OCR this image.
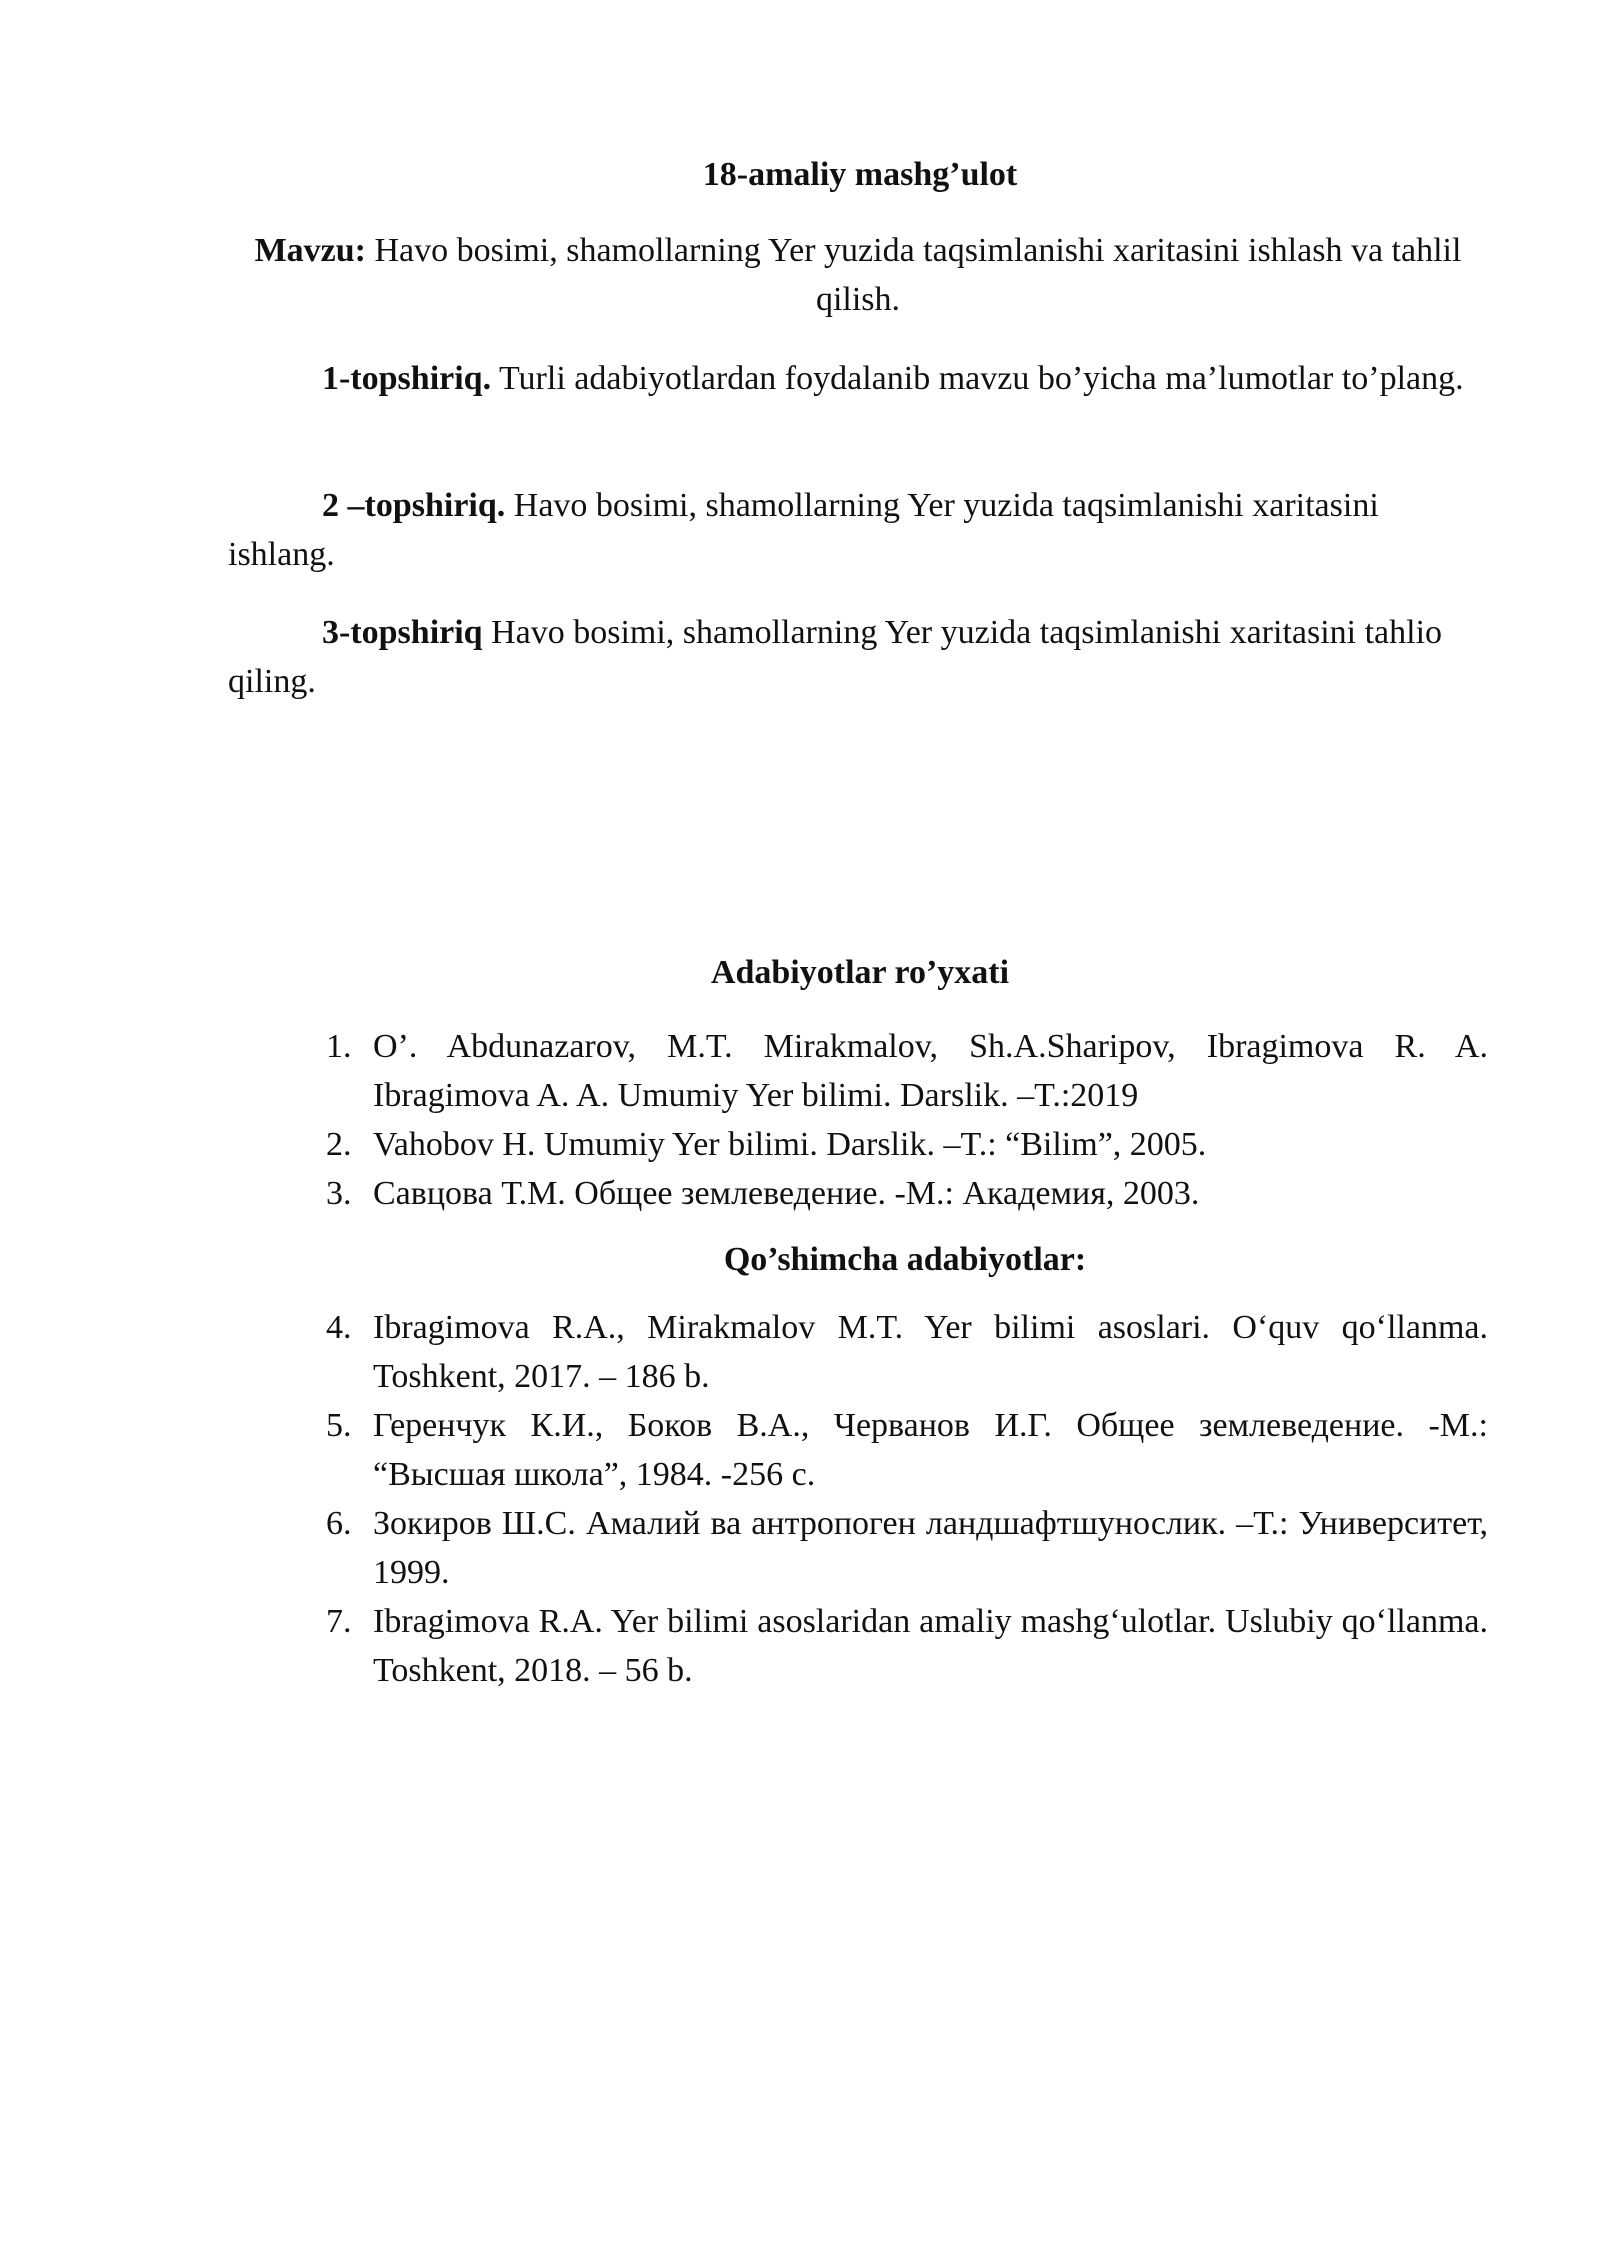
18-amaliy mashg’ulot
Mavzu: Havo bosimi, shamollarning Yer yuzida taqsimlanishi xaritasini ishlash va tahlil qilish.
1-topshiriq. Turli adabiyotlardan foydalanib mavzu bo’yicha ma’lumotlar to’plang.
2 –topshiriq. Havo bosimi, shamollarning Yer yuzida taqsimlanishi xaritasini ishlang.
3-topshiriq Havo bosimi, shamollarning Yer yuzida taqsimlanishi xaritasini tahlio qiling.
Adabiyotlar ro’yxati
1. O’. Abdunazarov, M.T. Mirakmalov, Sh.A.Sharipov, Ibragimova R. A. Ibragimova A. A. Umumiy Yer bilimi. Darslik. –T.:2019
2. Vahobov H. Umumiy Yer bilimi. Darslik. –T.: “Bilim”, 2005.
3. Савцова Т.М. Общее землеведение. -М.: Академия, 2003.
Qo’shimcha adabiyotlar:
4. Ibragimova R.A., Mirakmalov M.T. Yer bilimi asoslari. O‘quv qo‘llanma. Toshkent, 2017. – 186 b.
5. Геренчук К.И., Боков В.А., Черванов И.Г. Общее землеведение. -М.: “Высшая школа”, 1984. -256 с.
6. Зокиров Ш.С. Амалий ва антропоген ландшафтшунослик. –Т.: Университет, 1999.
7. Ibragimova R.A. Yer bilimi asoslaridan amaliy mashg‘ulotlar. Uslubiy qo‘llanma. Toshkent, 2018. – 56 b.
